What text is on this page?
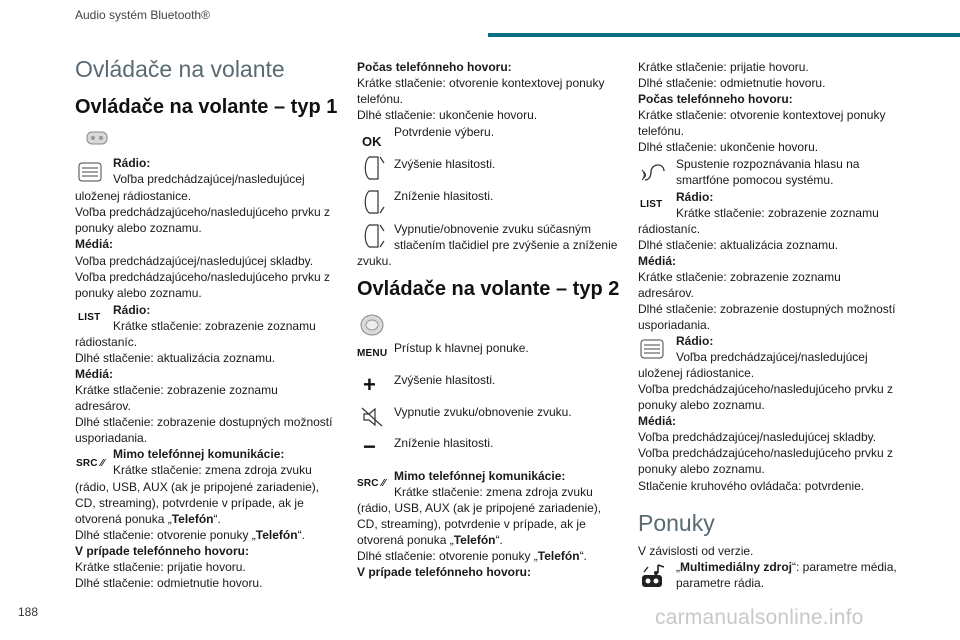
Audio systém Bluetooth®
188	carmanualsonline.info
Ovládače na volante
Ovládače na volante – typ 1
Rádio:
Voľba predchádzajúcej/nasledujúcej
uloženej rádiostanice.
Voľba predchádzajúceho/nasledujúceho prvku z
ponuky alebo zoznamu.
Médiá:
Voľba predchádzajúcej/nasledujúcej skladby.
Voľba predchádzajúceho/nasledujúceho prvku z
ponuky alebo zoznamu.
LIST
Rádio:
Krátke stlačenie: zobrazenie zoznamu
rádiostaníc.
Dlhé stlačenie: aktualizácia zoznamu.
Médiá:
Krátke stlačenie: zobrazenie zoznamu
adresárov.
Dlhé stlačenie: zobrazenie dostupných možností
usporiadania.
SRC ⁄⁄
Mimo telefónnej komunikácie:
Krátke stlačenie: zmena zdroja zvuku
(rádio, USB, AUX (ak je pripojené zariadenie),
CD, streaming), potvrdenie v prípade, ak je
otvorená ponuka „Telefón“.
Dlhé stlačenie: otvorenie ponuky „Telefón“.
V prípade telefónneho hovoru:
Krátke stlačenie: prijatie hovoru.
Dlhé stlačenie: odmietnutie hovoru.
Počas telefónneho hovoru:
Krátke stlačenie: otvorenie kontextovej ponuky
telefónu.
Dlhé stlačenie: ukončenie hovoru.
OK
Potvrdenie výberu.
Zvýšenie hlasitosti.
Zníženie hlasitosti.
Vypnutie/obnovenie zvuku súčasným
stlačením tlačidiel pre zvýšenie a zníženie
zvuku.
Ovládače na volante – typ 2
MENU Prístup k hlavnej ponuke.
+ Zvýšenie hlasitosti.
Vypnutie zvuku/obnovenie zvuku.
− Zníženie hlasitosti.
SRC ⁄⁄
Mimo telefónnej komunikácie:
Krátke stlačenie: zmena zdroja zvuku
(rádio, USB, AUX (ak je pripojené zariadenie),
CD, streaming), potvrdenie v prípade, ak je
otvorená ponuka „Telefón“.
Dlhé stlačenie: otvorenie ponuky „Telefón“.
V prípade telefónneho hovoru:
Krátke stlačenie: prijatie hovoru.
Dlhé stlačenie: odmietnutie hovoru.
Počas telefónneho hovoru:
Krátke stlačenie: otvorenie kontextovej ponuky
telefónu.
Dlhé stlačenie: ukončenie hovoru.
Spustenie rozpoznávania hlasu na
smartfóne pomocou systému.
LIST
Rádio:
Krátke stlačenie: zobrazenie zoznamu
rádiostaníc.
Dlhé stlačenie: aktualizácia zoznamu.
Médiá:
Krátke stlačenie: zobrazenie zoznamu
adresárov.
Dlhé stlačenie: zobrazenie dostupných možností
usporiadania.
Rádio:
Voľba predchádzajúcej/nasledujúcej
uloženej rádiostanice.
Voľba predchádzajúceho/nasledujúceho prvku z
ponuky alebo zoznamu.
Médiá:
Voľba predchádzajúcej/nasledujúcej skladby.
Voľba predchádzajúceho/nasledujúceho prvku z
ponuky alebo zoznamu.
Stlačenie kruhového ovládača: potvrdenie.
Ponuky
V závislosti od verzie.
„Multimediálny zdroj“: parametre média,
parametre rádia.
